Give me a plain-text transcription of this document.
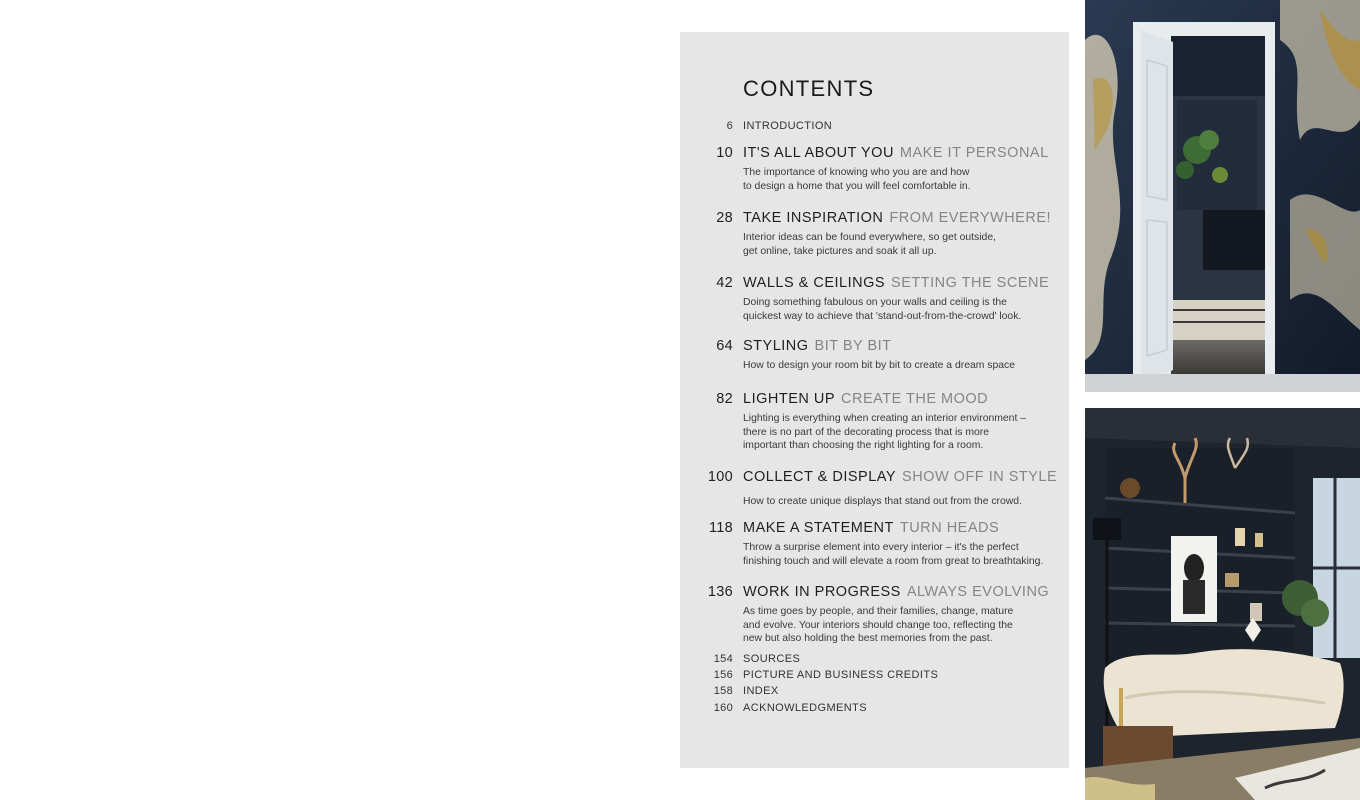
CONTENTS
6 INTRODUCTION
10 IT'S ALL ABOUT YOU MAKE IT PERSONAL
The importance of knowing who you are and how
to design a home that you will feel comfortable in.
28 TAKE INSPIRATION FROM EVERYWHERE!
Interior ideas can be found everywhere, so get outside,
get online, take pictures and soak it all up.
42 WALLS & CEILINGS SETTING THE SCENE
Doing something fabulous on your walls and ceiling is the
quickest way to achieve that 'stand-out-from-the-crowd' look.
64 STYLING BIT BY BIT
How to design your room bit by bit to create a dream space
82 LIGHTEN UP CREATE THE MOOD
Lighting is everything when creating an interior environment –
there is no part of the decorating process that is more
important than choosing the right lighting for a room.
100 COLLECT & DISPLAY SHOW OFF IN STYLE
How to create unique displays that stand out from the crowd.
118 MAKE A STATEMENT TURN HEADS
Throw a surprise element into every interior – it's the perfect
finishing touch and will elevate a room from great to breathtaking.
136 WORK IN PROGRESS ALWAYS EVOLVING
As time goes by people, and their families, change, mature
and evolve. Your interiors should change too, reflecting the
new but also holding the best memories from the past.
154 SOURCES
156 PICTURE AND BUSINESS CREDITS
158 INDEX
160 ACKNOWLEDGMENTS
